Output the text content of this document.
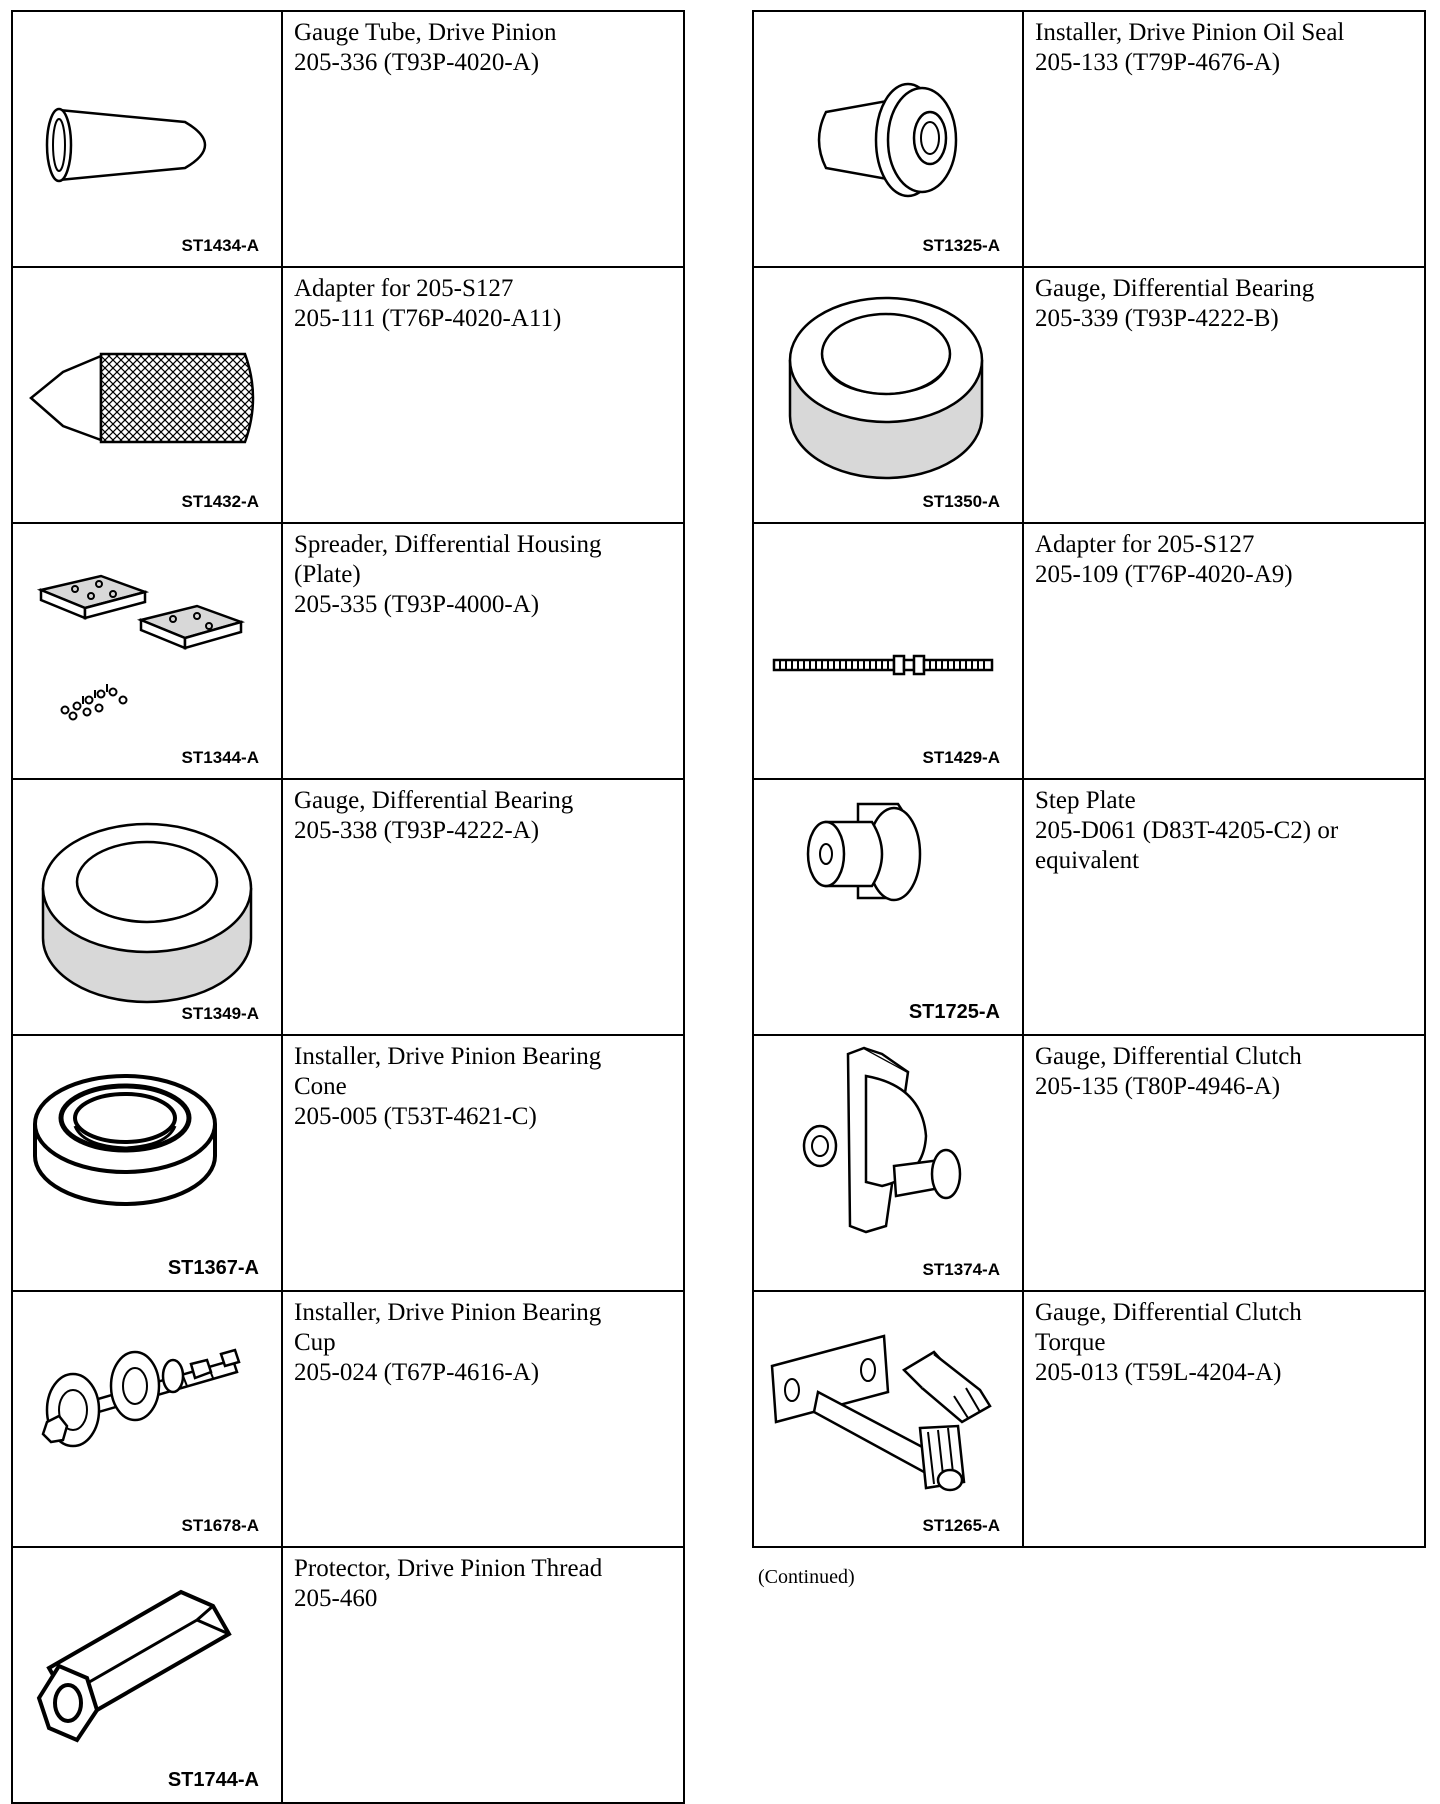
ST1434-A	Gauge Tube, Drive Pinion
205-336 (T93P-4020-A)

ST1432-A	Adapter for 205-S127
205-111 (T76P-4020-A11)

ST1344-A	Spreader, Differential Housing
(Plate)
205-335 (T93P-4000-A)

ST1349-A	Gauge, Differential Bearing
205-338 (T93P-4222-A)

ST1367-A	Installer, Drive Pinion Bearing
Cone
205-005 (T53T-4621-C)

ST1678-A	Installer, Drive Pinion Bearing
Cup
205-024 (T67P-4616-A)

ST1744-A	Protector, Drive Pinion Thread
205-460
ST1325-A	Installer, Drive Pinion Oil Seal
205-133 (T79P-4676-A)

ST1350-A	Gauge, Differential Bearing
205-339 (T93P-4222-B)

ST1429-A	Adapter for 205-S127
205-109 (T76P-4020-A9)

ST1725-A	Step Plate
205-D061 (D83T-4205-C2) or
equivalent

ST1374-A	Gauge, Differential Clutch
205-135 (T80P-4946-A)

ST1265-A	Gauge, Differential Clutch
Torque
205-013 (T59L-4204-A)
(Continued)
